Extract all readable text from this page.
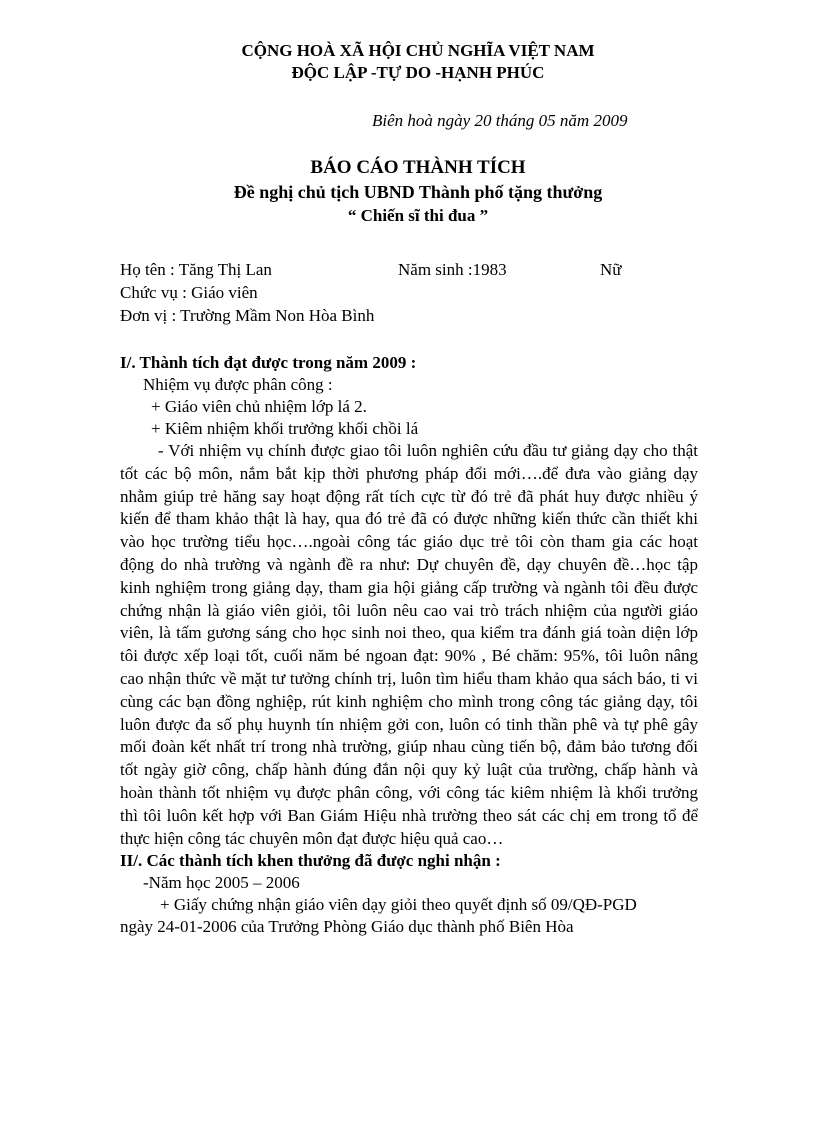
CỘNG HOÀ XÃ HỘI CHỦ NGHĨA VIỆT NAM
ĐỘC LẬP -TỰ DO -HẠNH PHÚC
Biên hoà ngày 20 tháng 05 năm 2009
BÁO CÁO THÀNH TÍCH
Đề nghị chủ tịch UBND Thành phố tặng thưởng
“ Chiến sĩ thi đua ”
Họ tên : Tăng Thị Lan	Năm sinh :1983	Nữ
Chức vụ : Giáo viên
Đơn vị : Trường Mầm Non Hòa Bình
I/. Thành tích đạt được trong năm 2009 :
Nhiệm vụ được phân công :
+ Giáo viên chủ nhiệm lớp lá 2.
+ Kiêm nhiệm khối trưởng khối chồi lá
- Với nhiệm vụ chính được giao tôi luôn nghiên cứu đầu tư giảng dạy cho thật tốt các bộ môn, nắm bắt kịp thời phương pháp đổi mới….để đưa vào giảng dạy nhằm giúp trẻ hăng say hoạt động rất tích cực từ đó trẻ đã phát huy được nhiều ý kiến để tham khảo thật là hay, qua đó trẻ đã có được những kiến thức cần thiết khi vào học trường tiểu học….ngoài công tác giáo dục trẻ tôi còn tham gia các hoạt động do nhà trường và ngành đề ra như: Dự chuyên đề, dạy chuyên đề…học tập kinh nghiệm trong giảng dạy, tham gia hội giảng cấp trường và ngành tôi đều được chứng nhận là giáo viên giỏi, tôi luôn nêu cao vai trò trách nhiệm của người giáo viên, là tấm gương sáng cho học sinh noi theo, qua kiểm tra đánh giá toàn diện lớp tôi được xếp loại tốt, cuối năm bé ngoan đạt: 90% , Bé chăm: 95%, tôi luôn nâng cao nhận thức về mặt tư tưởng chính trị, luôn tìm hiểu tham khảo qua sách báo, ti vi cùng các bạn đồng nghiệp, rút kinh nghiệm cho mình trong công tác giảng dạy, tôi luôn được đa số phụ huynh tín nhiệm gởi con, luôn có tinh thần phê và tự phê gây mối đoàn kết nhất trí trong nhà trường, giúp nhau cùng tiến bộ, đảm bảo tương đối tốt ngày giờ công, chấp hành đúng đắn nội quy kỷ luật của trường, chấp hành và hoàn thành tốt nhiệm vụ được phân công, với công tác kiêm nhiệm là khối trưởng thì tôi luôn kết hợp với Ban Giám Hiệu nhà trường theo sát các chị em trong tổ để thực hiện công tác chuyên môn đạt được hiệu quả cao…
II/. Các thành tích khen thưởng đã được nghi nhận :
-Năm học 2005 – 2006
+ Giấy chứng nhận giáo viên dạy giỏi theo quyết định số 09/QĐ-PGD
ngày 24-01-2006 của Trưởng Phòng Giáo dục thành phố Biên Hòa
